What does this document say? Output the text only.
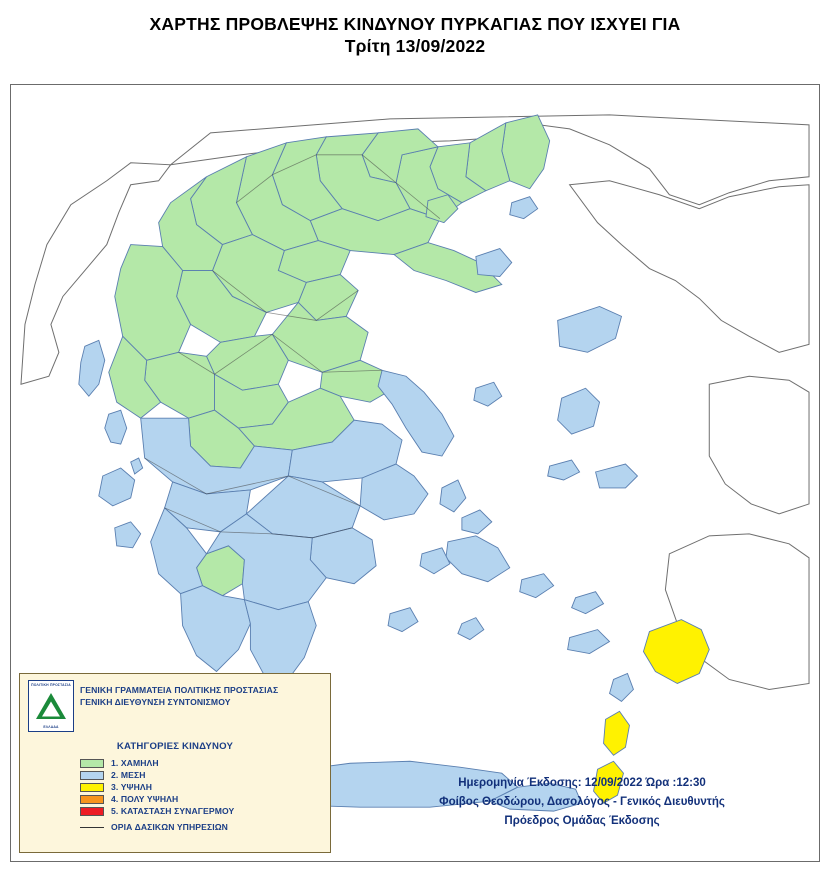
ΧΑΡΤΗΣ ΠΡΟΒΛΕΨΗΣ ΚΙΝΔΥΝΟΥ ΠΥΡΚΑΓΙΑΣ ΠΟΥ ΙΣΧΥΕΙ ΓΙΑ
Τρίτη 13/09/2022
ΠΟΛΙΤΙΚΗ ΠΡΟΣΤΑΣΙΑ
ΕΛΛΑΔΑ
ΓΕΝΙΚΗ ΓΡΑΜΜΑΤΕΙΑ ΠΟΛΙΤΙΚΗΣ ΠΡΟΣΤΑΣΙΑΣ
ΓΕΝΙΚΗ ΔΙΕΥΘΥΝΣΗ ΣΥΝΤΟΝΙΣΜΟΥ
ΚΑΤΗΓΟΡΙΕΣ ΚΙΝΔΥΝΟΥ
1. ΧΑΜΗΛΗ
2. ΜΕΣΗ
3. ΥΨΗΛΗ
4. ΠΟΛΥ ΥΨΗΛΗ
5. ΚΑΤΑΣΤΑΣΗ ΣΥΝΑΓΕΡΜΟΥ
ΟΡΙΑ ΔΑΣΙΚΩΝ ΥΠΗΡΕΣΙΩΝ
Ημερομηνία Έκδοσης: 12/09/2022 Ώρα :12:30
Φοίβος Θεοδώρου, Δασολόγος - Γενικός Διευθυντής
Πρόεδρος Ομάδας Έκδοσης
